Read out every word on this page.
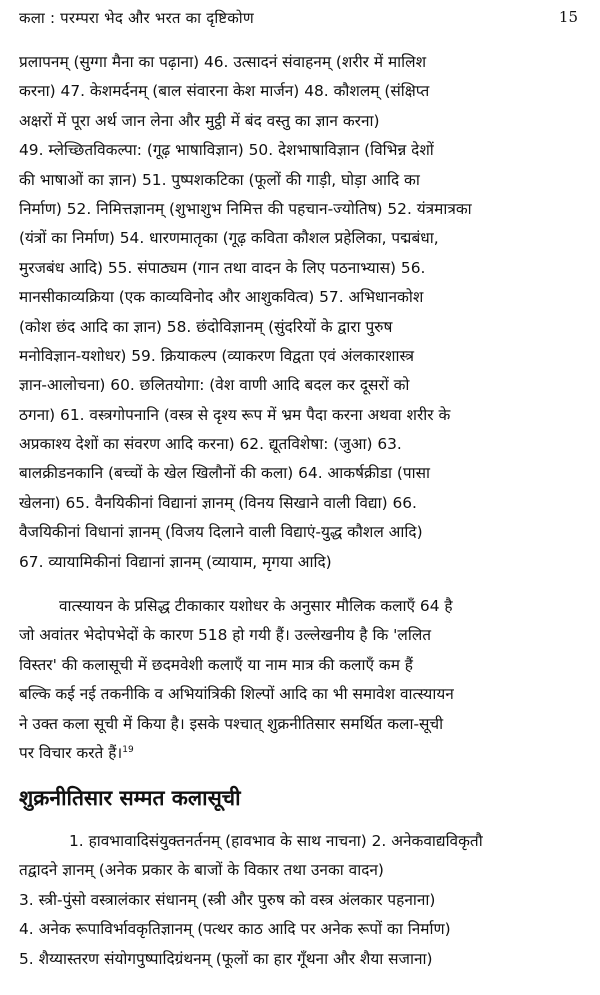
कला : परम्परा भेद और भरत का दृष्टिकोण	15
प्रलापनम् (सुग्गा मैना का पढ़ाना) 46. उत्सादनं संवाहनम् (शरीर में मालिश
करना) 47. केशमर्दनम् (बाल संवारना केश मार्जन) 48. कौशलम् (संक्षिप्त
अक्षरों में पूरा अर्थ जान लेना और मुट्ठी में बंद वस्तु का ज्ञान करना)
49. म्लेच्छितविकल्पा: (गूढ़ भाषाविज्ञान) 50. देशभाषाविज्ञान (विभिन्न देशों
की भाषाओं का ज्ञान) 51. पुष्पशकटिका (फूलों की गाड़ी, घोड़ा आदि का
निर्माण) 52. निमित्तज्ञानम् (शुभाशुभ निमित्त की पहचान-ज्योतिष) 52. यंत्रमात्रका
(यंत्रों का निर्माण) 54. धारणमातृका (गूढ़ कविता कौशल प्रहेलिका, पद्मबंधा,
मुरजबंध आदि) 55. संपाठ्यम (गान तथा वादन के लिए पठनाभ्यास) 56.
मानसीकाव्यक्रिया (एक काव्यविनोद और आशुकवित्व) 57. अभिधानकोश
(कोश छंद आदि का ज्ञान) 58. छंदोविज्ञानम् (सुंदरियों के द्वारा पुरुष
मनोविज्ञान-यशोधर) 59. क्रियाकल्प (व्याकरण विद्वता एवं अंलकारशास्त्र
ज्ञान-आलोचना) 60. छलितयोगा: (वेश वाणी आदि बदल कर दूसरों को
ठगना) 61. वस्त्रगोपनानि (वस्त्र से दृश्य रूप में भ्रम पैदा करना अथवा शरीर के
अप्रकाश्य देशों का संवरण आदि करना) 62. द्यूतविशेषा: (जुआ) 63.
बालक्रीडनकानि (बच्चों के खेल खिलौनों की कला) 64. आकर्षक्रीडा (पासा
खेलना) 65. वैनयिकीनां विद्यानां ज्ञानम् (विनय सिखाने वाली विद्या) 66.
वैजयिकीनां विधानां ज्ञानम् (विजय दिलाने वाली विद्याएं-युद्ध कौशल आदि)
67. व्यायामिकीनां विद्यानां ज्ञानम् (व्यायाम, मृगया आदि)
वात्स्यायन के प्रसिद्ध टीकाकार यशोधर के अनुसार मौलिक कलाएँ 64 है
जो अवांतर भेदोपभेदों के कारण 518 हो गयी हैं। उल्लेखनीय है कि 'ललित
विस्तर' की कलासूची में छदमवेशी कलाएँ या नाम मात्र की कलाएँ कम हैं
बल्कि कई नई तकनीकि व अभियांत्रिकी शिल्पों आदि का भी समावेश वात्स्यायन
ने उक्त कला सूची में किया है। इसके पश्चात् शुक्रनीतिसार समर्थित कला-सूची
पर विचार करते हैं।$^{19}$
शुक्रनीतिसार सम्मत कलासूची
1. हावभावादिसंयुक्तनर्तनम् (हावभाव के साथ नाचना) 2. अनेकवाद्यविकृतौ
तद्वादने ज्ञानम् (अनेक प्रकार के बाजों के विकार तथा उनका वादन)
3. स्त्री-पुंसो वस्त्रालंकार संधानम् (स्त्री और पुरुष को वस्त्र अंलकार पहनाना)
4. अनेक रूपाविर्भावकृतिज्ञानम् (पत्थर काठ आदि पर अनेक रूपों का निर्माण)
5. शैय्यास्तरण संयोगपुष्पादिग्रंथनम् (फूलों का हार गूँथना और शैया सजाना)
